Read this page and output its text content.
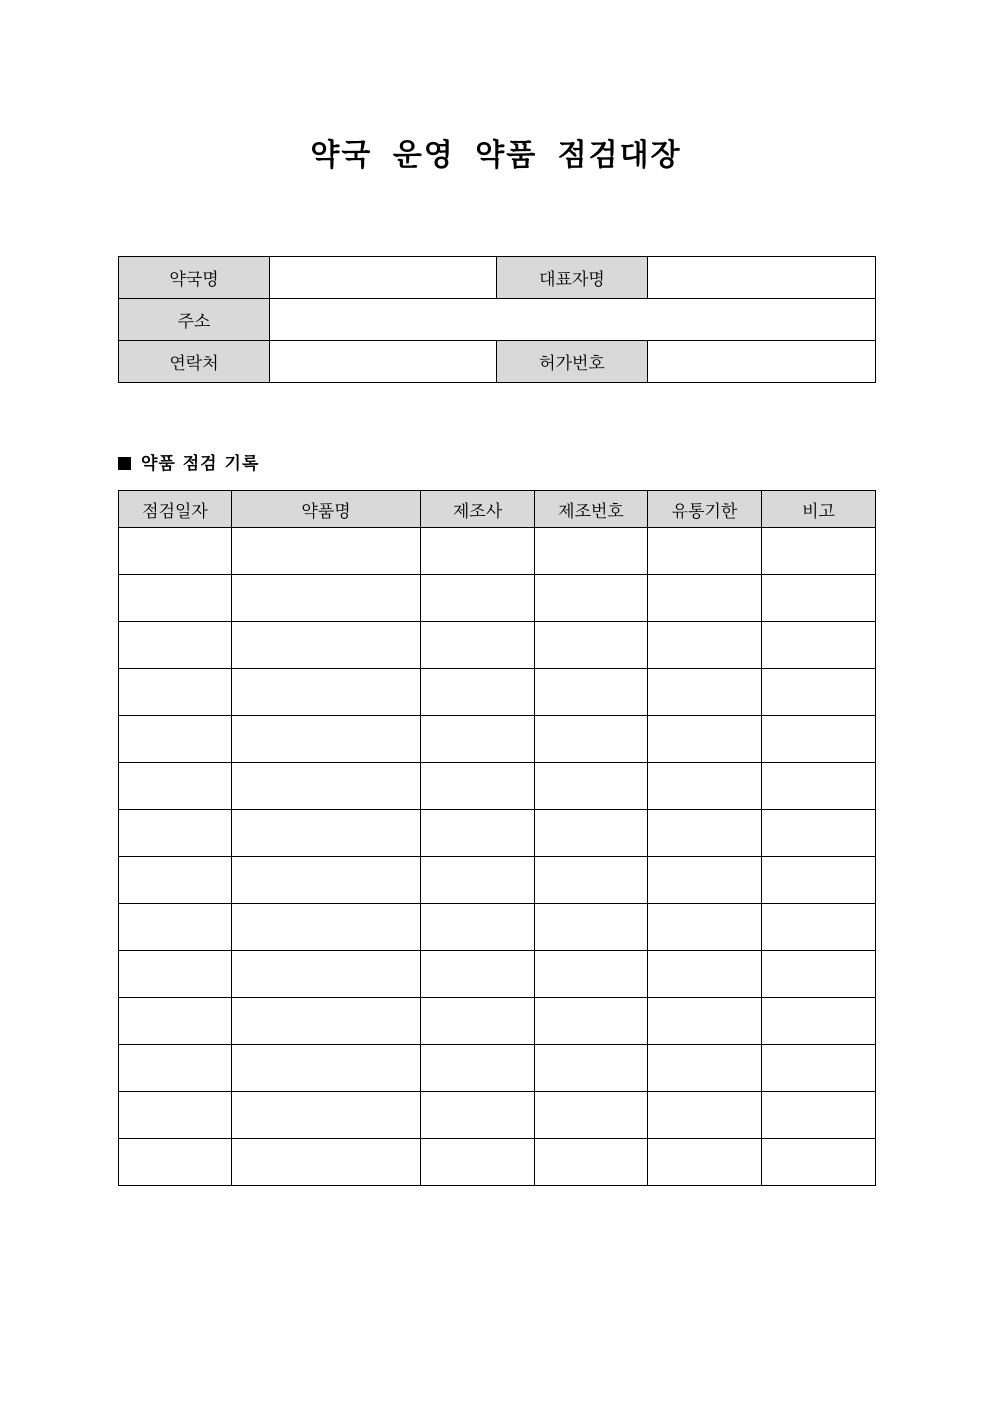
약국 운영 약품 점검대장
약국명		대표자명	
주소			
연락처		허가번호	
약품 점검 기록
점검일자	약품명	제조사	제조번호	유통기한	비고
